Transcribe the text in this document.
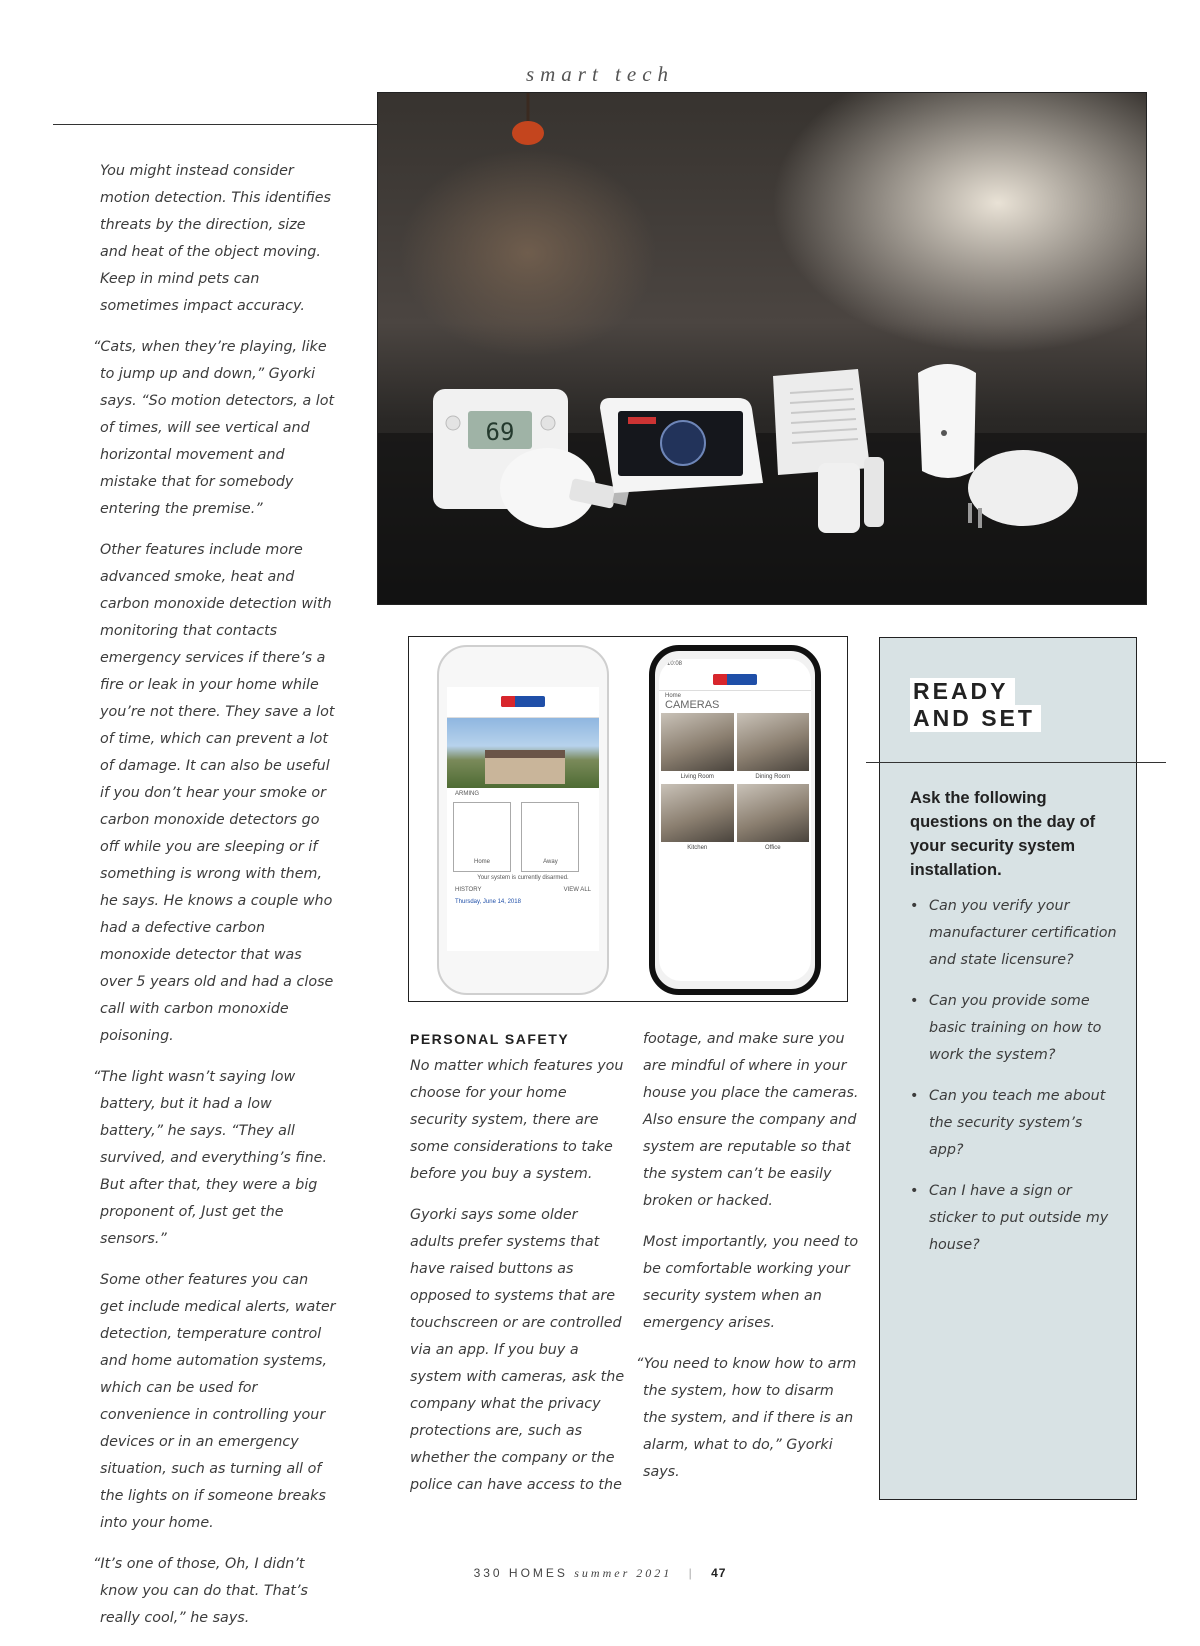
smart tech

You might instead consider motion detection. This identifies threats by the direction, size and heat of the object moving. Keep in mind pets can sometimes impact accuracy.

“Cats, when they’re playing, like to jump up and down,” Gyorki says. “So motion detectors, a lot of times, will see vertical and horizontal movement and mistake that for somebody entering the premise.”

Other features include more advanced smoke, heat and carbon monoxide detection with monitoring that contacts emergency services if there’s a fire or leak in your home while you’re not there. They save a lot of time, which can prevent a lot of damage. It can also be useful if you don’t hear your smoke or carbon monoxide detectors go off while you are sleeping or if something is wrong with them, he says. He knows a couple who had a defective carbon monoxide detector that was over 5 years old and had a close call with carbon monoxide poisoning.

“The light wasn’t saying low battery, but it had a low battery,” he says. “They all survived, and everything’s fine. But after that, they were a big proponent of, Just get the sensors.”

Some other features you can get include medical alerts, water detection, temperature control and home automation systems, which can be used for convenience in controlling your devices or in an emergency situation, such as turning all of the lights on if someone breaks into your home.

“It’s one of those, Oh, I didn’t know you can do that. That’s really cool,” he says.

69
ARMING
Home
	Away
Your system is currently disarmed.
HISTORY	VIEW ALL
Thursday, June 14, 2018
10:08
Home
CAMERAS
Living Room	Dining Room
Kitchen	Office
PERSONAL SAFETY

No matter which features you choose for your home security system, there are some considerations to take before you buy a system.

Gyorki says some older adults prefer systems that have raised buttons as opposed to systems that are touchscreen or are controlled via an app. If you buy a system with cameras, ask the company what the privacy protections are, such as whether the company or the police can have access to the

footage, and make sure you are mindful of where in your house you place the cameras. Also ensure the company and system are reputable so that the system can’t be easily broken or hacked.

Most importantly, you need to be comfortable working your security system when an emergency arises.

“You need to know how to arm the system, how to disarm the system, and if there is an alarm, what to do,” Gyorki says.

READY
AND SET

Ask the following questions on the day of your security system installation.

• Can you verify your manufacturer certification and state licensure?
• Can you provide some basic training on how to work the system?
• Can you teach me about the security system’s app?
• Can I have a sign or sticker to put outside my house?
330 HOMES summer 2021 | 47
